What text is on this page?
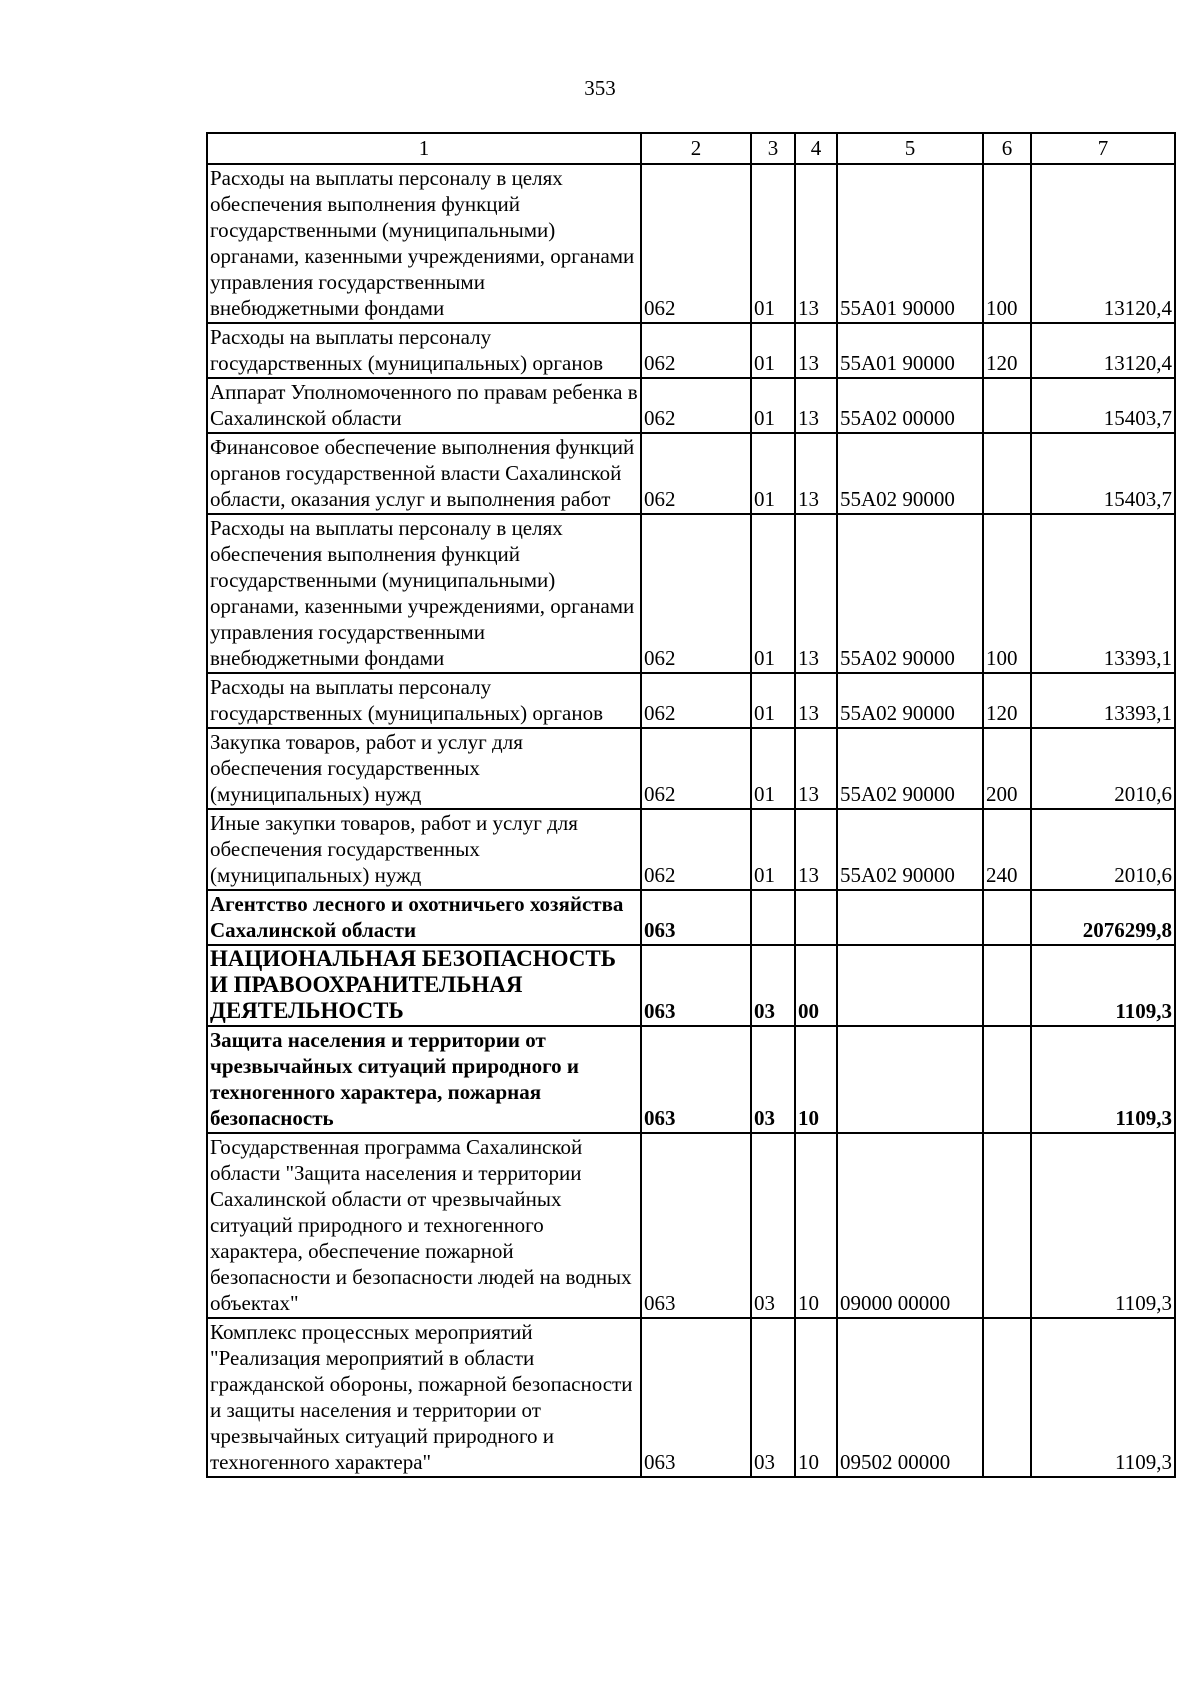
353
1	2	3	4	5	6	7
Расходы на выплаты персоналу в целях обеспечения выполнения функций государственными (муниципальными) органами, казенными учреждениями, органами управления государственными внебюджетными фондами	062	01	13	55А01 90000	100	13120,4
Расходы на выплаты персоналу государственных (муниципальных) органов	062	01	13	55А01 90000	120	13120,4
Аппарат Уполномоченного по правам ребенка в Сахалинской области	062	01	13	55А02 00000		15403,7
Финансовое обеспечение выполнения функций органов государственной власти Сахалинской области, оказания услуг и выполнения работ	062	01	13	55А02 90000		15403,7
Расходы на выплаты персоналу в целях обеспечения выполнения функций государственными (муниципальными) органами, казенными учреждениями, органами управления государственными внебюджетными фондами	062	01	13	55А02 90000	100	13393,1
Расходы на выплаты персоналу государственных (муниципальных) органов	062	01	13	55А02 90000	120	13393,1
Закупка товаров, работ и услуг для обеспечения государственных (муниципальных) нужд	062	01	13	55А02 90000	200	2010,6
Иные закупки товаров, работ и услуг для обеспечения государственных (муниципальных) нужд	062	01	13	55А02 90000	240	2010,6
Агентство лесного и охотничьего хозяйства Сахалинской области	063					2076299,8
НАЦИОНАЛЬНАЯ БЕЗОПАСНОСТЬ И ПРАВООХРАНИТЕЛЬНАЯ ДЕЯТЕЛЬНОСТЬ	063	03	00			1109,3
Защита населения и территории от чрезвычайных ситуаций природного и техногенного характера, пожарная безопасность	063	03	10			1109,3
Государственная программа Сахалинской области "Защита населения и территории Сахалинской области от чрезвычайных ситуаций природного и техногенного характера, обеспечение пожарной безопасности и безопасности людей на водных объектах"	063	03	10	09000 00000		1109,3
Комплекс процессных мероприятий "Реализация мероприятий в области гражданской обороны, пожарной безопасности и защиты населения и территории от чрезвычайных ситуаций природного и техногенного характера"	063	03	10	09502 00000		1109,3
